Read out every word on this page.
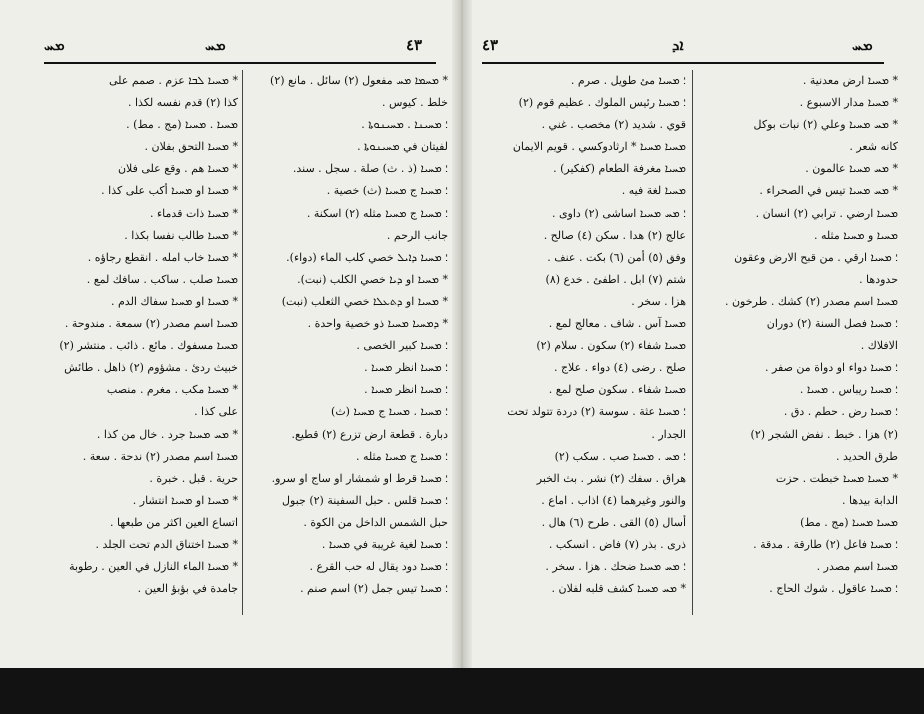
ܡܚ	ܡܚ	٤٣
* ܡܚܝܐ ܠܒܐ عزم . صمم على
كذا (٢) قدم نفسه لكذا .
ܡܚܝܐ . ܡܚܝܐ (مج . مط) .
* ܡܚܝܐ التحق بفلان .
* ܡܚܝܐ هم . وقع على فلان
* ܡܚܝܐ او ܡܚܝܐ أكب على كذا .
* ܡܚܝܐ ذات قدماء .
* ܡܚܝܐ طالب نفسا بكذا .
* ܡܚܝܐ خاب امله . انقطع رجاؤه .
ܡܚܝܐ صلب . ساكب . سافك لمع .
* ܡܚܝܐ او ܡܚܝܐ سفاك الدم .
ܡܚܝܐ اسم مصدر (٢) سمعة . مندوحة .
ܡܚܝܐ مسفوك . مائع . ذائب . منتشر (٢)
خبيث ردئ . مشؤوم (٢) ذاهل . طائش
* ܡܚܝܐ مكب . مغرم . منصب
على كذا .
* ܡܚ ܡܚܝܐ جرد . خال من كذا .
ܡܚܝܐ اسم مصدر (٢) ندحة . سعة .
حرية . قبل . خبرة .
* ܡܚܝܐ او ܡܚܝܐ انتشار .
اتساع العين اكثر من طبعها .
* ܡܚܝܐ اختناق الدم تحت الجلد .
* ܡܚܝܐ الماء النازل في العين . رطوبة
جامدة في بؤبؤ العين .
* ܡܚܡܐ ܡܚ مفعول (٢) سائل . مانع (٢)
خلط . كيوس .
؛ ܡܚܝܢܐ . ܡܚܝܢܘܬܐ .
لفيتان في ܡܚܝܢܘܬܐ .
؛ ܡܚܝܐ (ذ . ث) صلة . سجل . سند.
؛ ܡܚܝܐ ج ܡܚܝܐ (ث) خصية .
؛ ܡܚܝܐ ج ܡܚܝܐ مثله (٢) اسكنة .
جانب الرحم .
؛ ܡܚܝܐ ܕܐܝܠ خصي كلب الماء (دواء).
* ܡܚܝܐ او ܕܝܐ خصي الكلب (نبت).
* ܡܚܝܐ او ܕܬܥܠܐ خصي الثعلب (نبت)
* ܕܡܚܝܐ ܡܚܝܐ ذو خصية واحدة .
؛ ܡܚܝܐ كبير الخصى .
؛ ܡܚܝܐ انظر ܡܚܝܐ .
؛ ܡܚܝܐ انظر ܡܚܝܐ .
؛ ܡܚܝܐ . ܡܚܝܐ ج ܡܚܝܐ (ث)
دبارة . قطعة ارض تزرع (٢) قطيع.
؛ ܡܚܝܐ ج ܡܚܝܐ مثله .
؛ ܡܚܝܐ قرط او شمشار او ساج او سرو.
؛ ܡܚܝܐ قلس . حبل السفينة (٢) جبول
حبل الشمس الداخل من الكوة .
؛ ܡܚܝܐ لغية غريبة في ܡܚܝܐ .
؛ ܡܚܝܐ دود يقال له حب القرع .
؛ ܡܚܝܐ تيس جمل (٢) اسم صنم .
٤٣	ܐܕ	ܡܚ
؛ ܡܚܝܐ مئ طويل . صرم .
؛ ܡܚܝܐ رئيس الملوك . عظيم قوم (٢)
قوي . شديد (٢) مخصب . غني .
ܡܚܝܐ ܡܚܝܐ * ارثادوكسي . قويم الايمان
ܡܚܝܐ مغرفة الطعام (كفكير) .
ܡܚܝܐ لغة فيه .
؛ ܡܚ ܡܚܝܐ اساشى (٢) داوى .
عالج (٢) هدا . سكن (٤) صالح .
وفق (٥) أمن (٦) بكت . عنف .
شتم (٧) ابل . اطفئ . خدع (٨)
هزا . سخر .
ܡܚܝܐ آس . شاف . معالج لمع .
ܡܚܝܐ شفاء (٢) سكون . سلام (٢)
صلح . رضى (٤) دواء . علاج .
ܡܚܝܐ شفاء . سكون صلح لمع .
؛ ܡܚܝܐ عثة . سوسة (٢) دردة تتولد تحت
الجدار .
؛ ܡܚ . ܡܚܝܐ صب . سكب (٢)
هراق . سفك (٢) نشر . بث الخبر
والنور وغيرهما (٤) اذاب . اماع .
أسال (٥) القى . طرح (٦) هال .
ذرى . بذر (٧) فاض . انسكب .
؛ ܡܚ ܡܚܝܐ ضحك . هزا . سخر .
* ܡܚ ܡܚܝܐ كشف قلبه لفلان .
* ܡܚܝܐ ارض معدنية .
* ܡܚܝܐ مدار الاسبوع .
* ܡܚ ܡܚܝܐ وعلي (٢) نبات بوكل
كانه شعر .
* ܡܚ ܡܚܝܐ عالمون .
* ܡܚ ܡܚܝܐ تيس في الصحراء .
ܡܚܝܐ ارضي . ترابي (٢) انسان .
ܡܚܝܐ و ܡܚܝܐ مثله .
؛ ܡܚܝܐ ارقي . من قبح الارض وعقون
حدودها .
ܡܚܝܐ اسم مصدر (٢) كشك . طرخون .
؛ ܡܚܝܐ فصل السنة (٢) دوران
الافلاك .
؛ ܡܚܝܐ دواء او دواة من صفر .
؛ ܡܚܝܐ ريباس . ܡܚܝܐ .
؛ ܡܚܝܐ رض . حطم . دق .
(٢) هزا . خبط . نفض الشجر (٢)
طرق الحديد .
* ܡܚܝܐ ܡܚܝܐ خبطت . حزت
الدابة بيدها .
ܡܚܝܐ ܡܚܝܐ (مج . مط)
؛ ܡܚܝܐ فاعل (٢) طارقة . مدقة .
ܡܚܝܐ اسم مصدر .
؛ ܡܚܝܐ عاقول . شوك الحاج .
